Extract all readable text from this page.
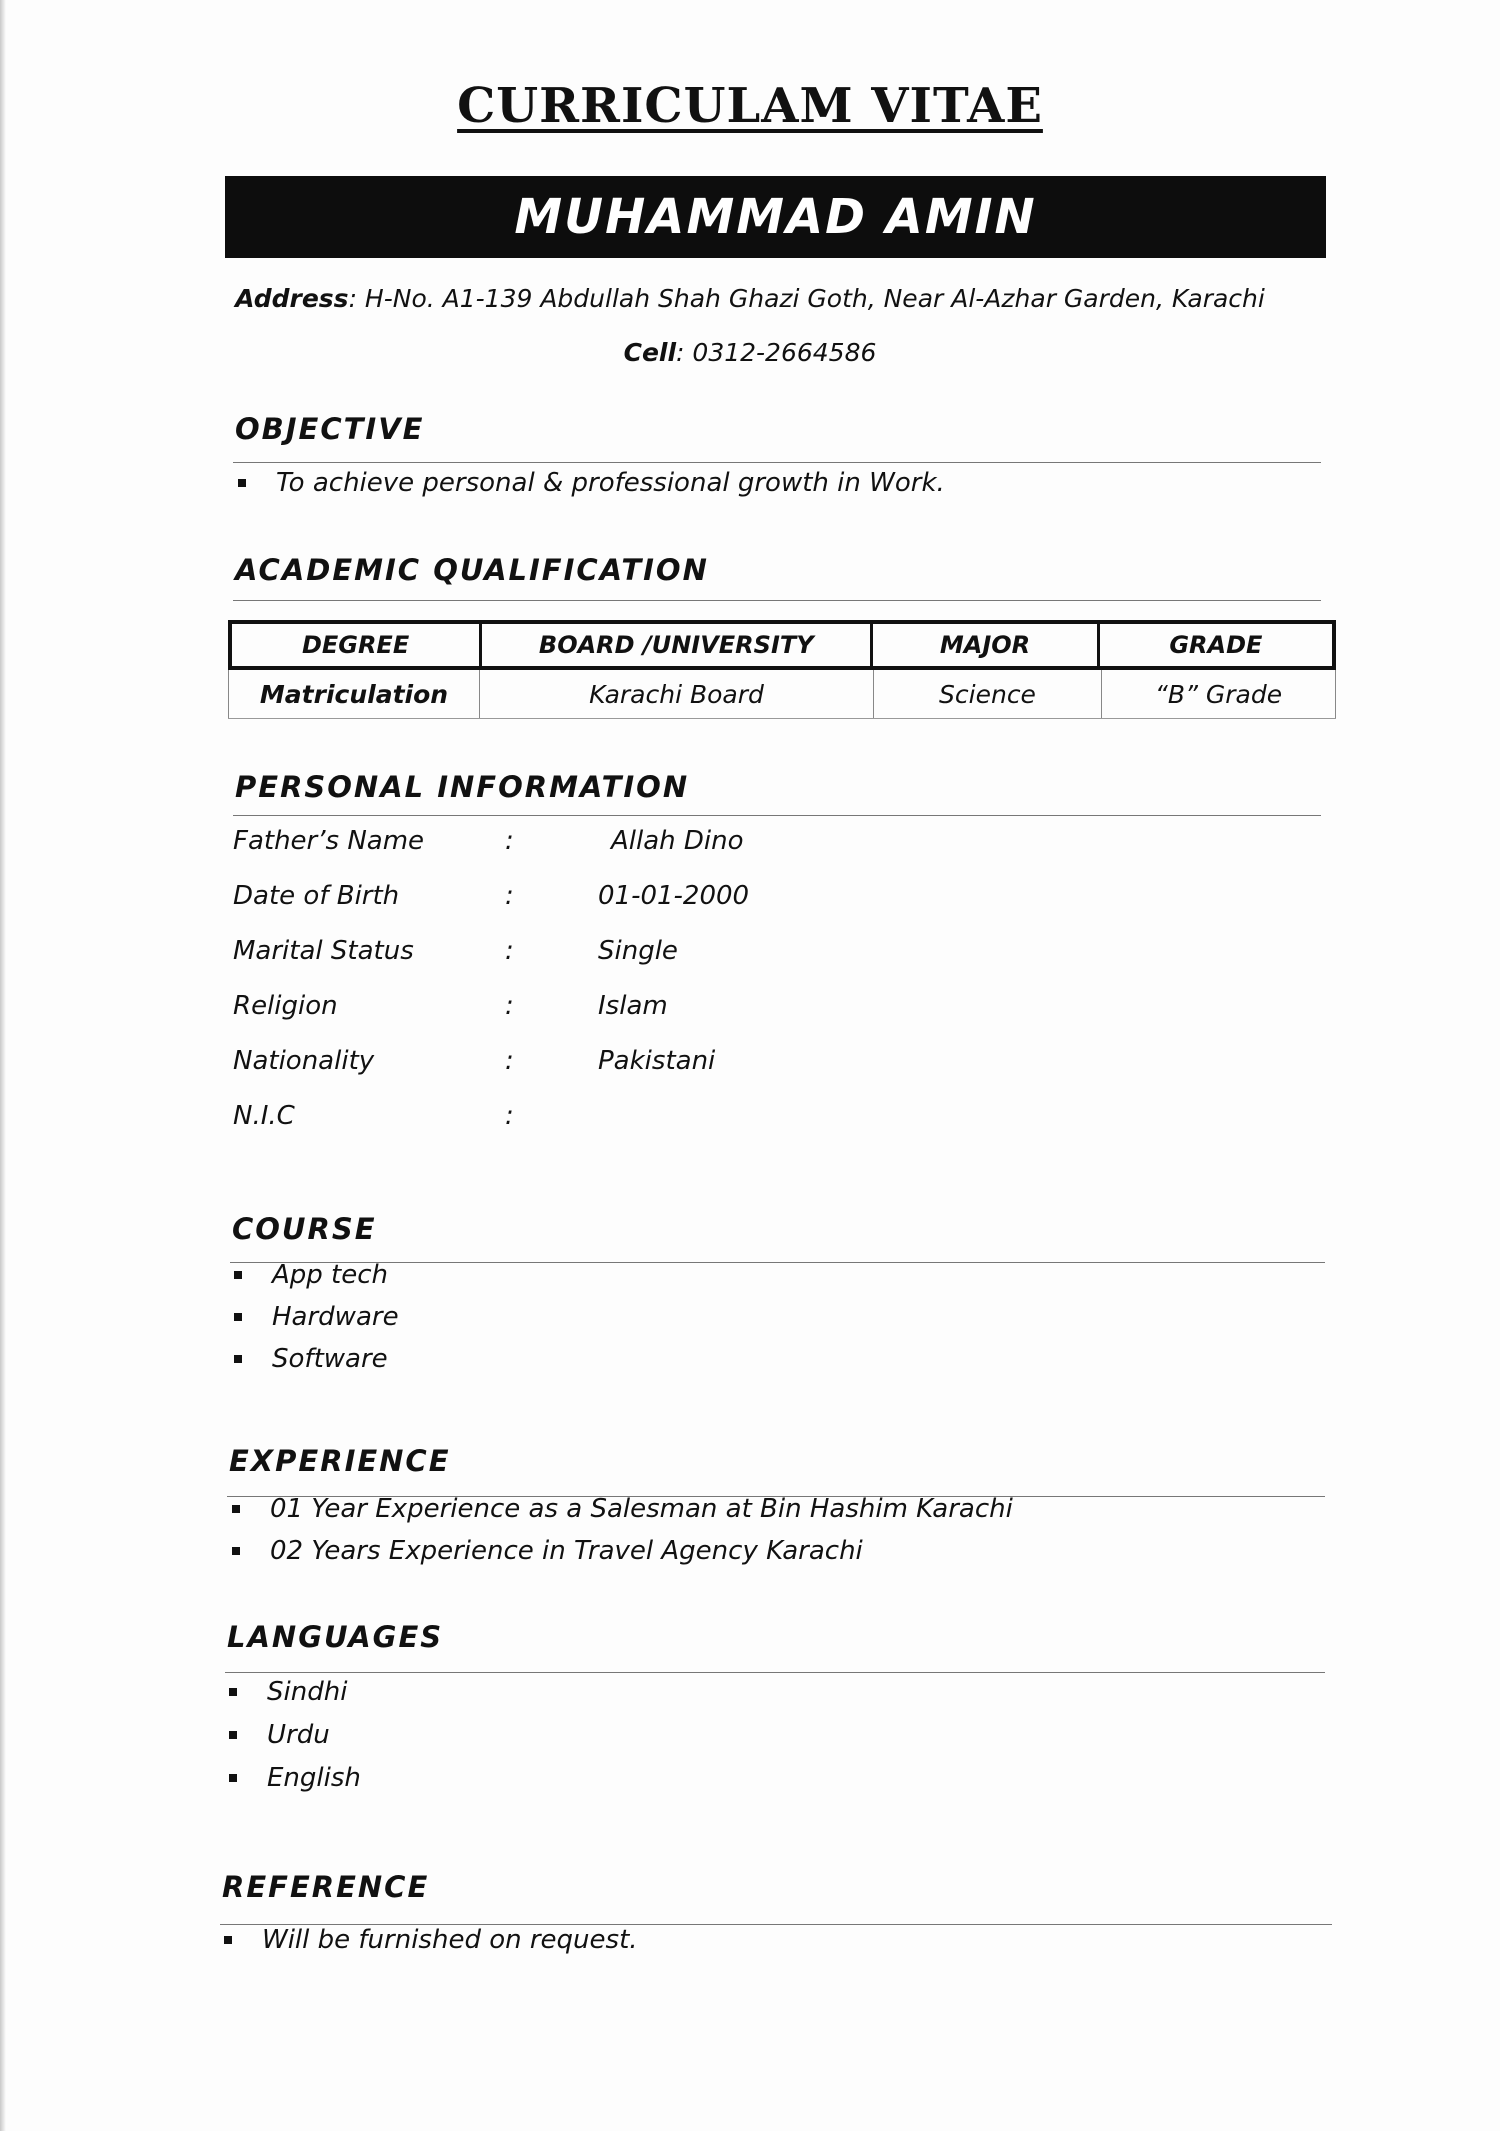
CURRICULAM VITAE
MUHAMMAD AMIN
Address: H-No. A1-139 Abdullah Shah Ghazi Goth, Near Al-Azhar Garden, Karachi
Cell: 0312-2664586
OBJECTIVE
To achieve personal & professional growth in Work.
ACADEMIC QUALIFICATION
DEGREE	BOARD /UNIVERSITY	MAJOR	GRADE
Matriculation	Karachi Board	Science	“B” Grade
PERSONAL INFORMATION
Father’s Name	:	Allah Dino
Date of Birth	:	01-01-2000
Marital Status	:	Single
Religion	:	Islam
Nationality	:	Pakistani
N.I.C	:
COURSE
App tech
Hardware
Software
EXPERIENCE
01 Year Experience as a Salesman at Bin Hashim Karachi
02 Years Experience in Travel Agency Karachi
LANGUAGES
Sindhi
Urdu
English
REFERENCE
Will be furnished on request.
